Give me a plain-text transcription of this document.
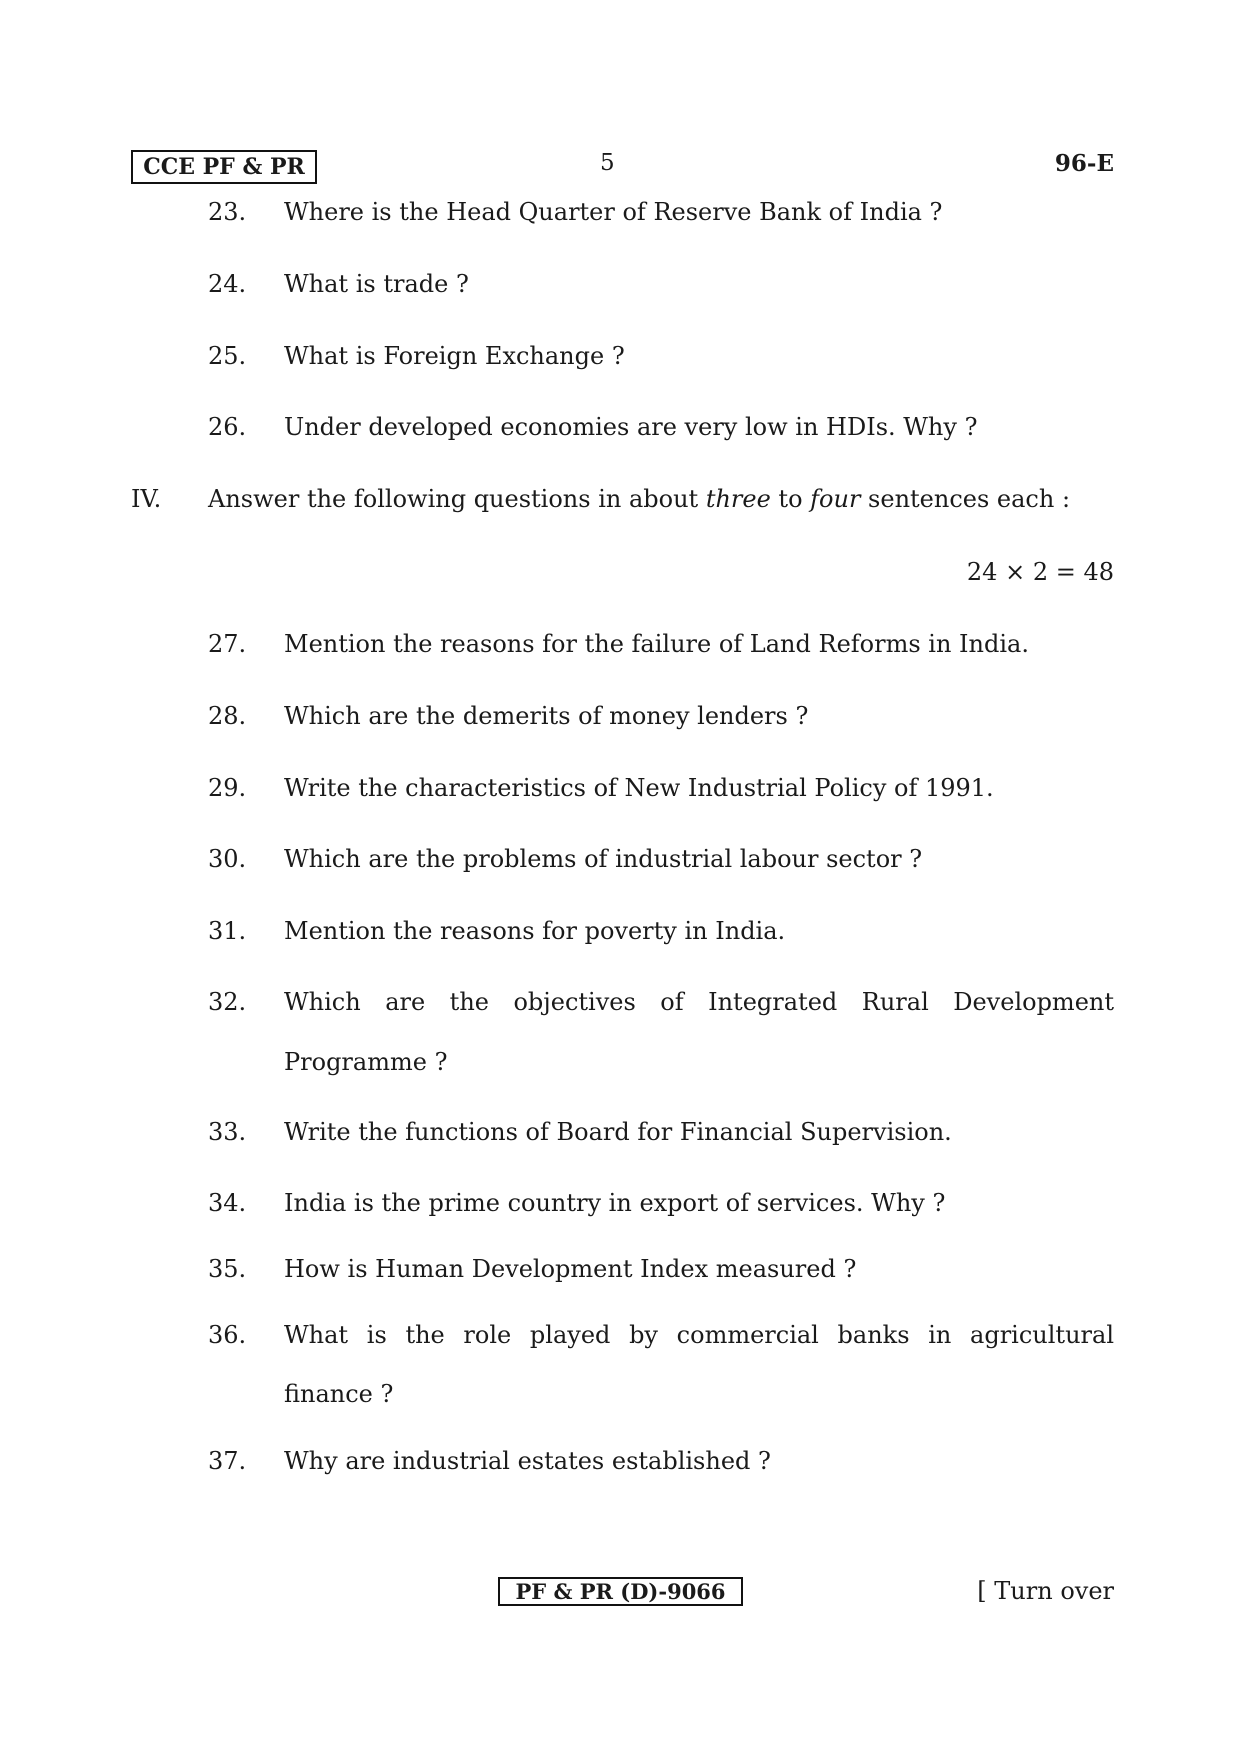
CCE PF & PR	5	96-E
23. Where is the Head Quarter of Reserve Bank of India ?
24. What is trade ?
25. What is Foreign Exchange ?
26. Under developed economies are very low in HDIs. Why ?
IV. Answer the following questions in about three to four sentences each :
24 × 2 = 48
27. Mention the reasons for the failure of Land Reforms in India.
28. Which are the demerits of money lenders ?
29. Write the characteristics of New Industrial Policy of 1991.
30. Which are the problems of industrial labour sector ?
31. Mention the reasons for poverty in India.
32. Which are the objectives of Integrated Rural Development
Programme ?
33. Write the functions of Board for Financial Supervision.
34. India is the prime country in export of services. Why ?
35. How is Human Development Index measured ?
36. What is the role played by commercial banks in agricultural
finance ?
37. Why are industrial estates established ?
PF & PR (D)-9066	[ Turn over
